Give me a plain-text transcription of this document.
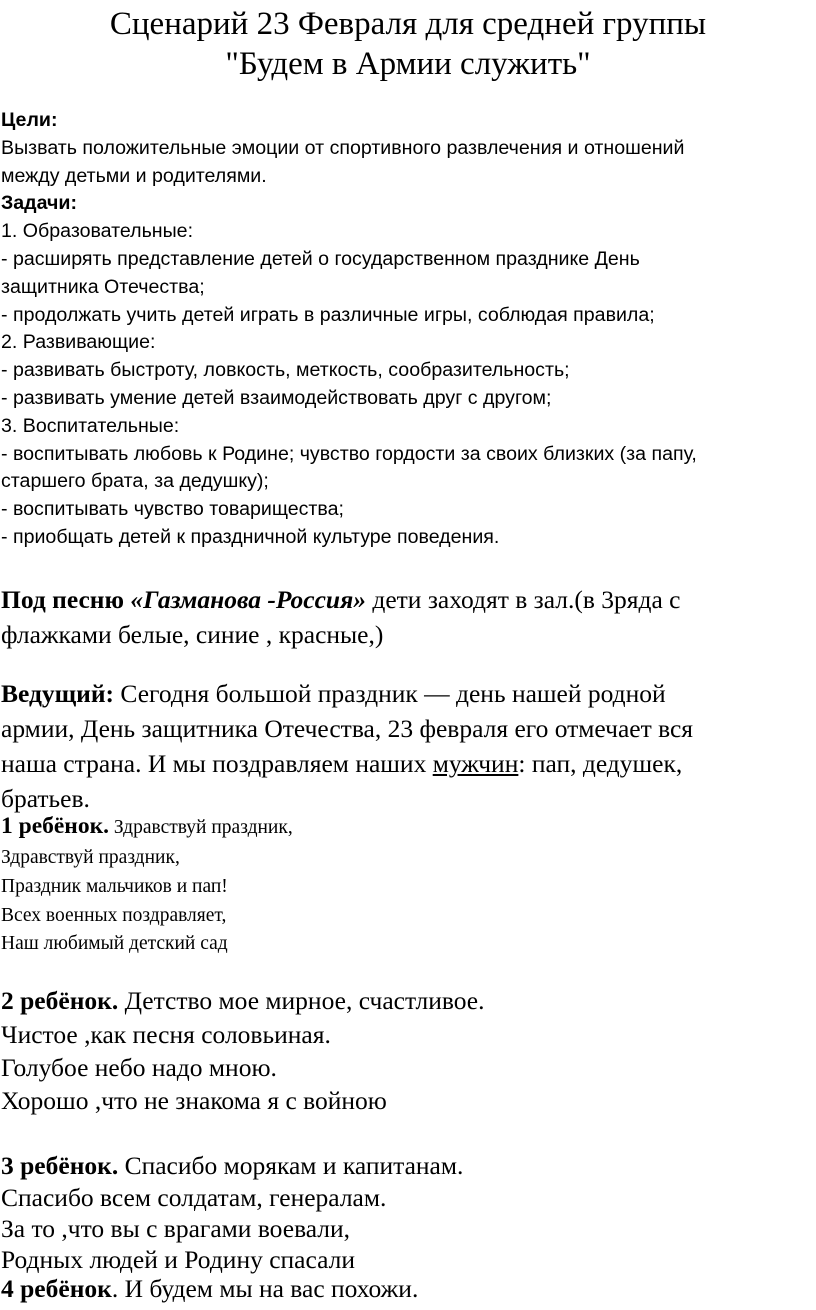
Сценарий 23 Февраля для средней группы
"Будем в Армии служить"
Цели:
Вызвать положительные эмоции от спортивного развлечения и отношений
между детьми и родителями.
Задачи:
1. Образовательные:
- расширять представление детей о государственном празднике День
защитника Отечества;
- продолжать учить детей играть в различные игры, соблюдая правила;
2. Развивающие:
- развивать быстроту, ловкость, меткость, сообразительность;
- развивать умение детей взаимодействовать друг с другом;
3. Воспитательные:
- воспитывать любовь к Родине; чувство гордости за своих близких (за папу,
старшего брата, за дедушку);
- воспитывать чувство товарищества;
- приобщать детей к праздничной культуре поведения.
Под песню «Газманова -Россия» дети заходят в зал.(в 3ряда с
флажками белые, синие , красные,)
Ведущий: Сегодня большой праздник — день нашей родной
армии, День защитника Отечества, 23 февраля его отмечает вся
наша страна. И мы поздравляем наших мужчин: пап, дедушек,
братьев.
1 ребёнок. Здравствуй праздник,
Здравствуй праздник,
Праздник мальчиков и пап!
Всех военных поздравляет,
Наш любимый детский сад
2 ребёнок. Детство мое мирное, счастливое.
Чистое ,как песня соловьиная.
Голубое небо надо мною.
Хорошо ,что не знакома я с войною
3 ребёнок. Спасибо морякам и капитанам.
Спасибо всем солдатам, генералам.
За то ,что вы с врагами воевали,
Родных людей и Родину спасали
4 ребёнок. И будем мы на вас похожи.
